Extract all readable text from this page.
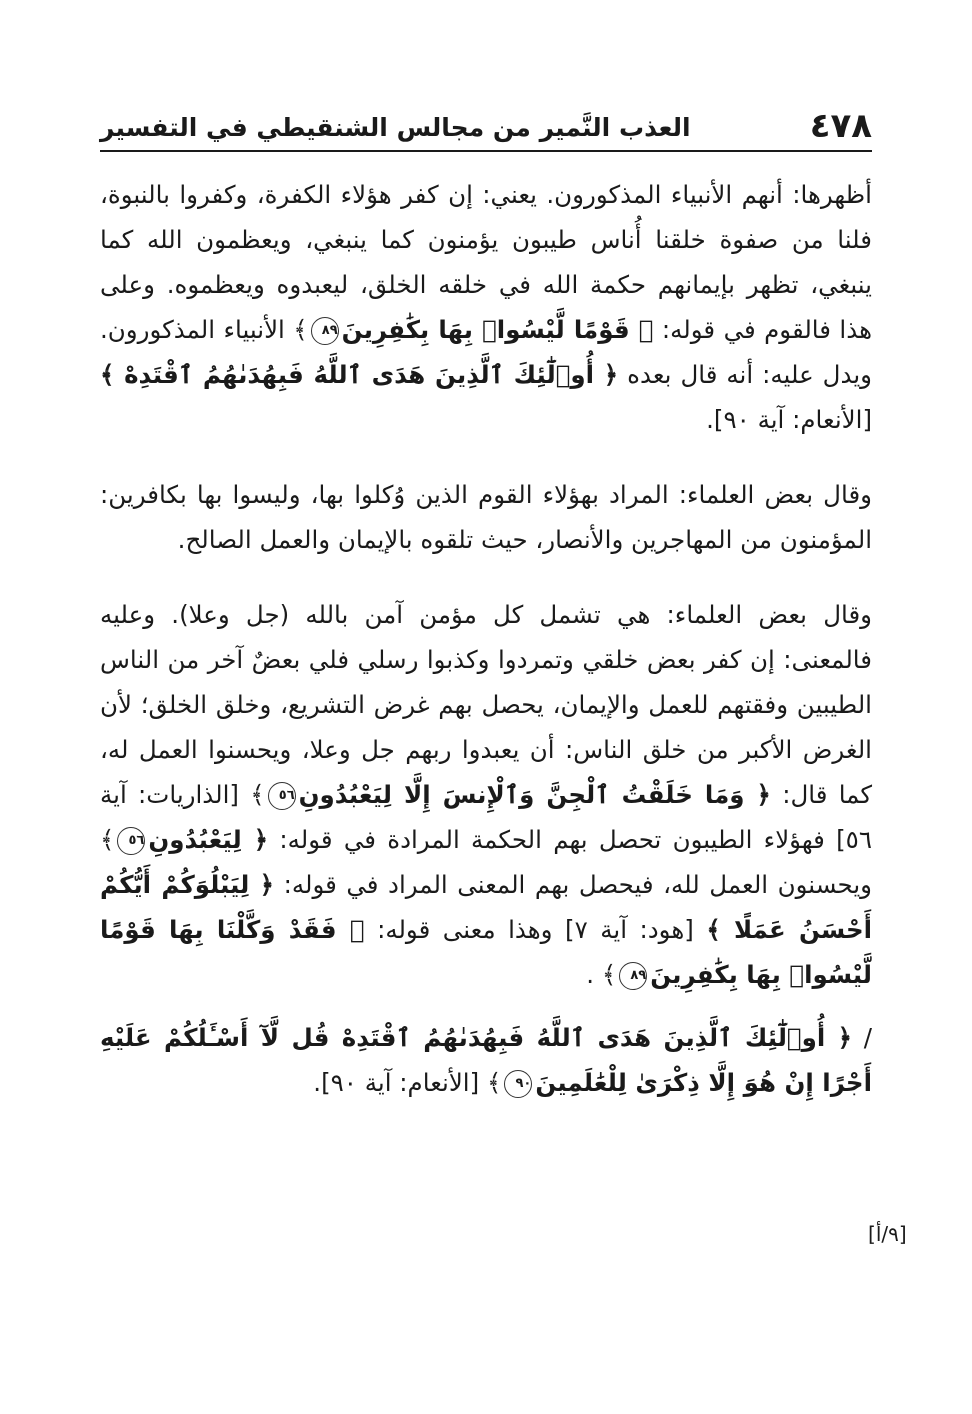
٤٧٨
العذب النَّمير من مجالس الشنقيطي في التفسير

أظهرها: أنهم الأنبياء المذكورون. يعني: إن كفر هؤلاء الكفرة، وكفروا بالنبوة، فلنا من صفوة خلقنا أُناس طيبون يؤمنون كما ينبغي، ويعظمون الله كما ينبغي، تظهر بإيمانهم حكمة الله في خلقه الخلق، ليعبدوه ويعظموه. وعلى هذا فالقوم في قوله: ﴿ قَوْمًا لَّيْسُوا۟ بِهَا بِكَٰفِرِينَ٨٩﴾ الأنبياء المذكورون. ويدل عليه: أنه قال بعده ﴿ أُو۟لَٰٓئِكَ ٱلَّذِينَ هَدَى ٱللَّهُ فَبِهُدَىٰهُمُ ٱقْتَدِهْ ﴾ [الأنعام: آية ٩٠].

وقال بعض العلماء: المراد بهؤلاء القوم الذين وُكلوا بها، وليسوا بها بكافرين: المؤمنون من المهاجرين والأنصار، حيث تلقوه بالإيمان والعمل الصالح.

وقال بعض العلماء: هي تشمل كل مؤمن آمن بالله (جل وعلا). وعليه فالمعنى: إن كفر بعض خلقي وتمردوا وكذبوا رسلي فلي بعضٌ آخر من الناس الطيبين وفقتهم للعمل والإيمان، يحصل بهم غرض التشريع، وخلق الخلق؛ لأن الغرض الأكبر من خلق الناس: أن يعبدوا ربهم جل وعلا، ويحسنوا العمل له، كما قال: ﴿ وَمَا خَلَقْتُ ٱلْجِنَّ وَٱلْإِنسَ إِلَّا لِيَعْبُدُونِ٥٦﴾ [الذاريات: آية ٥٦] فهؤلاء الطيبون تحصل بهم الحكمة المرادة في قوله: ﴿ لِيَعْبُدُونِ٥٦﴾ ويحسنون العمل لله، فيحصل بهم المعنى المراد في قوله: ﴿ لِيَبْلُوَكُمْ أَيُّكُمْ أَحْسَنُ عَمَلًا ﴾ [هود: آية ٧] وهذا معنى قوله: ﴿ فَقَدْ وَكَّلْنَا بِهَا قَوْمًا لَّيْسُوا۟ بِهَا بِكَٰفِرِينَ٨٩﴾ .

/ ﴿ أُو۟لَٰٓئِكَ ٱلَّذِينَ هَدَى ٱللَّهُ فَبِهُدَىٰهُمُ ٱقْتَدِهْ قُل لَّآ أَسْـَٔلُكُمْ عَلَيْهِ أَجْرًا إِنْ هُوَ إِلَّا ذِكْرَىٰ لِلْعَٰلَمِينَ٩٠﴾ [الأنعام: آية ٩٠].

[٩/أ]
